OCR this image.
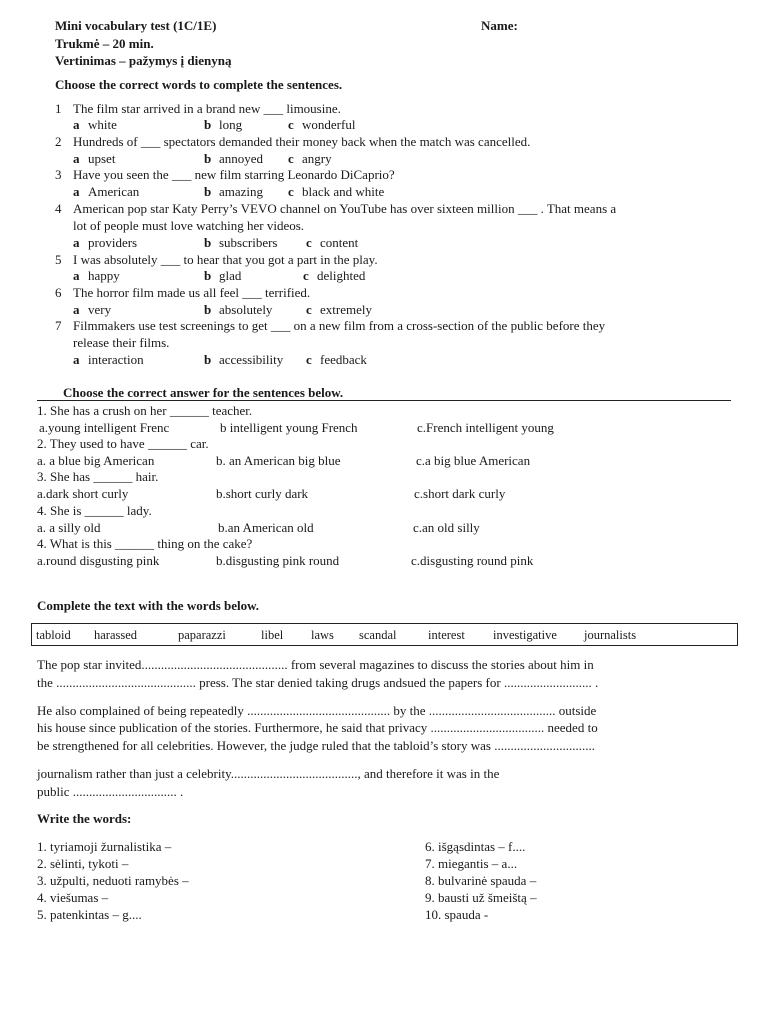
Mini vocabulary test (1C/1E)	Name:
Trukmė – 20 min.
Vertinimas – pažymys į dienyną
Choose the correct words to complete the sentences.
1 The film star arrived in a brand new ___ limousine.
a white	b long	c wonderful
2 Hundreds of ___ spectators demanded their money back when the match was cancelled.
a upset	b annoyed c angry
3 Have you seen the ___ new film starring Leonardo DiCaprio?
a American	b amazing c black and white
4 American pop star Katy Perry’s VEVO channel on YouTube has over sixteen million ___ . That means a
lot of people must love watching her videos.
a providers	b subscribers c content
5 I was absolutely ___ to hear that you got a part in the play.
a happy	b glad	c delighted
6 The horror film made us all feel ___ terrified.
a very	b absolutely	c extremely
7 Filmmakers use test screenings to get ___ on a new film from a cross-section of the public before they
release their films.
a interaction	b accessibility c feedback
Choose the correct answer for the sentences below.
1. She has a crush on her ______ teacher.
a.young intelligent Frenc	b intelligent young French	c.French intelligent young
2. They used to have ______ car.
a. a blue big American	b. an American big blue	c.a big blue American
3. She has ______ hair.
a.dark short curly	b.short curly dark	c.short dark curly
4. She is ______ lady.
a. a silly old	b.an American old	c.an old silly
4. What is this ______ thing on the cake?
a.round disgusting pink	b.disgusting pink round	c.disgusting round pink
Complete the text with the words below.
tabloid harassed	paparazzi	libel laws scandal	interest investigative journalists
The pop star invited............................................. from several magazines to discuss the stories about him in
the ........................................... press. The star denied taking drugs andsued the papers for ........................... .
He also complained of being repeatedly ............................................ by the ....................................... outside
his house since publication of the stories. Furthermore, he said that privacy ................................... needed to
be strengthened for all celebrities. However, the judge ruled that the tabloid’s story was ...............................
journalism rather than just a celebrity......................................., and therefore it was in the
public ................................ .
Write the words:
1. tyriamoji žurnalistika –
2. sėlinti, tykoti –
3. užpulti, neduoti ramybės –
4. viešumas –
5. patenkintas – g....
6. išgąsdintas – f....
7. miegantis – a...
8. bulvarinė spauda –
9. bausti už šmeištą –
10. spauda -
